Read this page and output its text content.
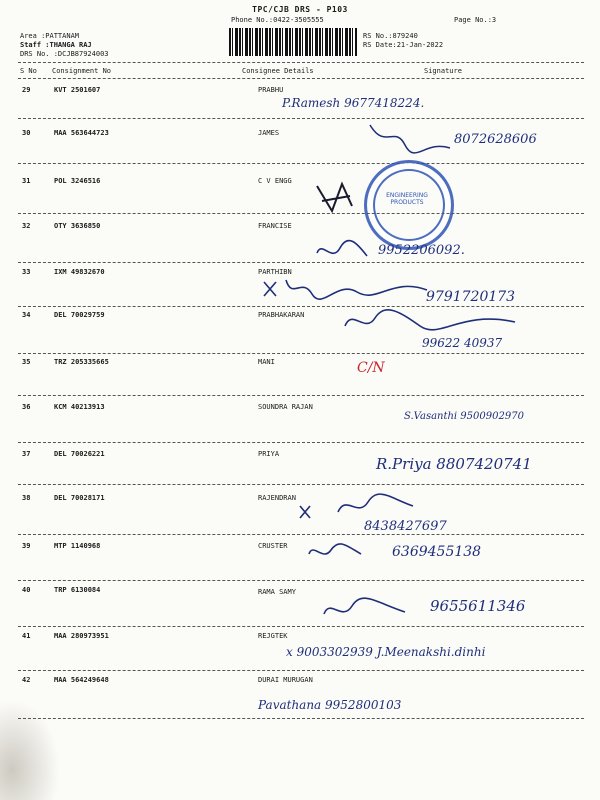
TPC/CJB DRS - P103
Phone No.:0422-3505555	Page No.:3
Area :PATTANAM
Staff :THANGA RAJ
DRS No. :DCJB87924003
RS No.:879240
RS Date:21-Jan-2022
S No Consignment No	Consignee Details	Signature
29	KVT 2501607	PRABHU
P.Ramesh 9677418224.
30	MAA 563644723	JAMES	8072628606
31	POL 3246516	C V ENGG
ENGINEERING PRODUCTS
32	OTY 3636850	FRANCISE
9952206092.
33	IXM 49832670	PARTHIBN
9791720173
34	DEL 70029759	PRABHAKARAN
99622 40937
35	TRZ 205335665	MANI	C/N
36	KCM 40213913	SOUNDRA RAJAN
S.Vasanthi 9500902970
37	DEL 70026221	PRIYA
R.Priya 8807420741
38	DEL 70028171	RAJENDRAN
8438427697
39	MTP 1140968	CRUSTER	6369455138
40	TRP 6130084	RAMA SAMY
9655611346
41	MAA 280973951	REJGTEK
x 9003302939 J.Meenakshi.dinhi
42	MAA 564249648	DURAI MURUGAN
Pavathana 9952800103
